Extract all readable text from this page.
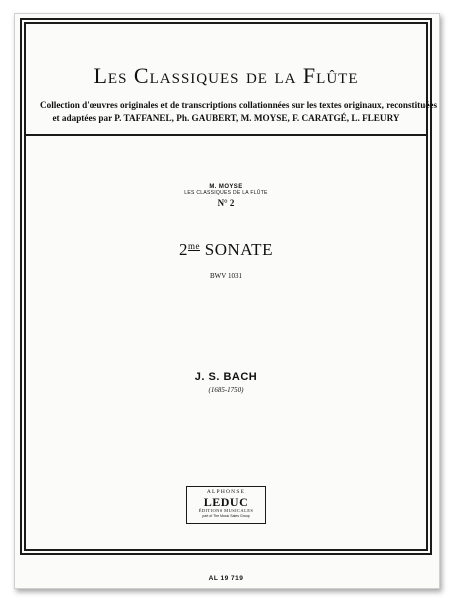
Les Classiques de la Flûte
Collection d'œuvres originales et de transcriptions collationnées sur les textes originaux, reconstituées
et adaptées par P. TAFFANEL, Ph. GAUBERT, M. MOYSE, F. CARATGÉ, L. FLEURY
M. MOYSE
LES CLASSIQUES DE LA FLÛTE
N° 2
$2^{me}$ SONATE
BWV 1031
J. S. BACH
(1685-1750)
ALPHONSE
LEDUC
ÉDITIONS MUSICALES
part of The Music Sales Group
AL 19 719
